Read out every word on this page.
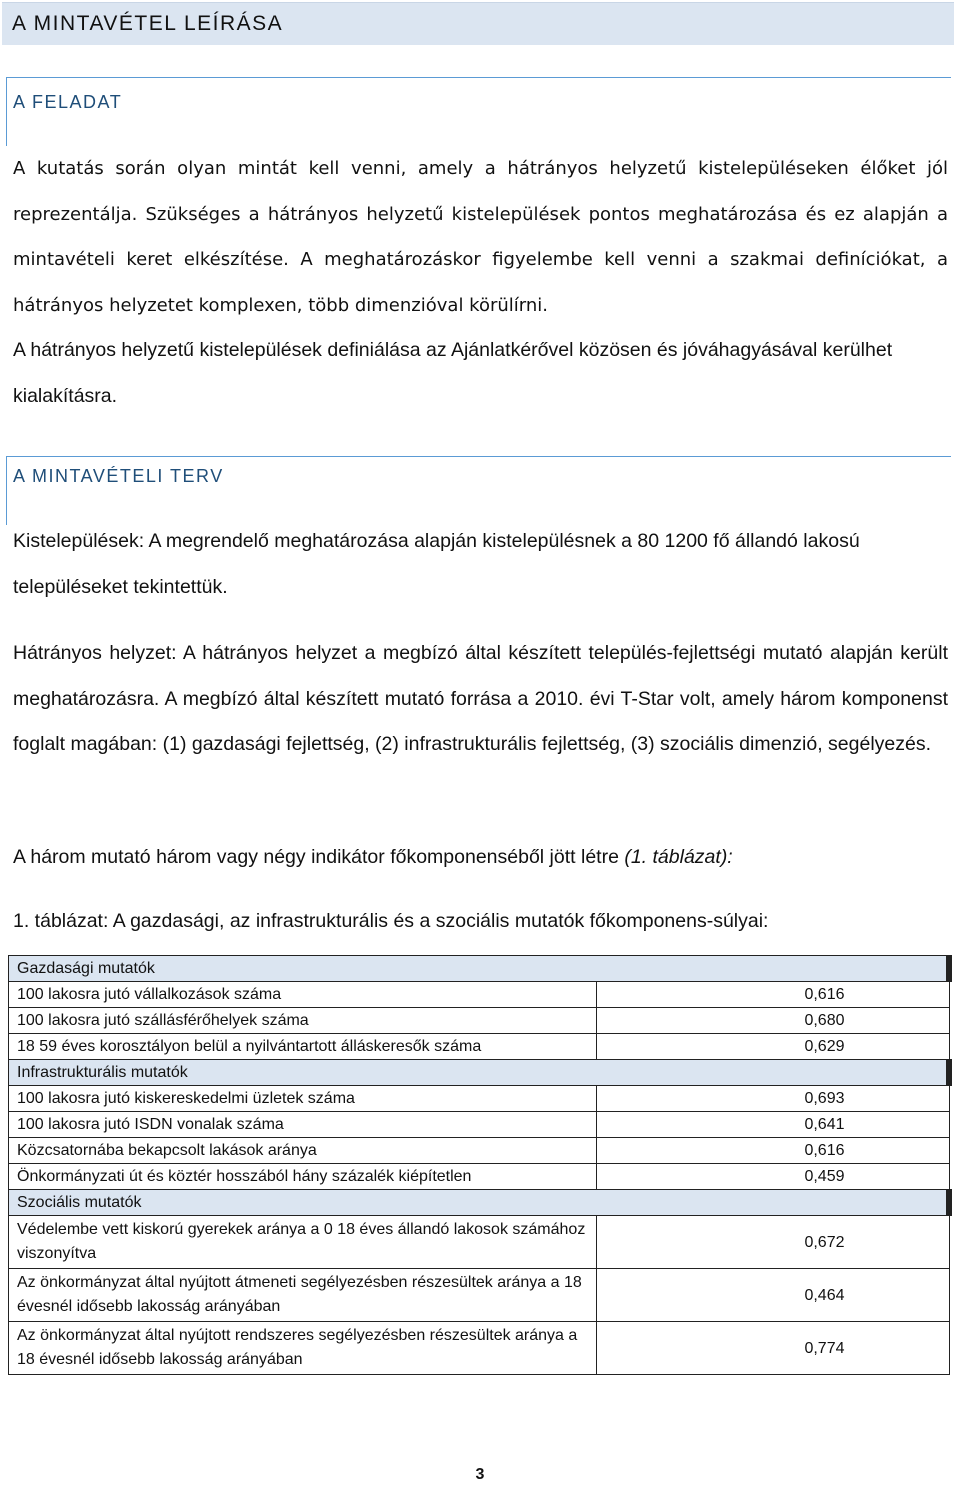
A MINTAVÉTEL LEÍRÁSA
A FELADAT

A kutatás során olyan mintát kell venni, amely a hátrányos helyzetű kistelepüléseken élőket jól reprezentálja. Szükséges a hátrányos helyzetű kistelepülések pontos meghatározása és ez alapján a mintavételi keret elkészítése. A meghatározáskor figyelembe kell venni a szakmai definíciókat, a hátrányos helyzetet komplexen, több dimenzióval körülírni.

A hátrányos helyzetű kistelepülések definiálása az Ajánlatkérővel közösen és jóváhagyásával kerülhet kialakításra.

A MINTAVÉTELI TERV

Kistelepülések: A megrendelő meghatározása alapján kistelepülésnek a 80 1200 fő állandó lakosú településeket tekintettük.

Hátrányos helyzet: A hátrányos helyzet a megbízó által készített település-fejlettségi mutató alapján került meghatározásra. A megbízó által készített mutató forrása a 2010. évi T-Star volt, amely három komponenst foglalt magában: (1) gazdasági fejlettség, (2) infrastrukturális fejlettség, (3) szociális dimenzió, segélyezés.

A három mutató három vagy négy indikátor főkomponenséből jött létre (1. táblázat):

1. táblázat: A gazdasági, az infrastrukturális és a szociális mutatók főkomponens-súlyai:

Gazdasági mutatók	
100 lakosra jutó vállalkozások száma	0,616
100 lakosra jutó szállásférőhelyek száma	0,680
18 59 éves korosztályon belül a nyilvántartott álláskeresők száma	0,629
Infrastrukturális mutatók	
100 lakosra jutó kiskereskedelmi üzletek száma	0,693
100 lakosra jutó ISDN vonalak száma	0,641
Közcsatornába bekapcsolt lakások aránya	0,616
Önkormányzati út és köztér hosszából hány százalék kiépítetlen	0,459
Szociális mutatók	
Védelembe vett kiskorú gyerekek aránya a 0 18 éves állandó lakosok számához viszonyítva	0,672
Az önkormányzat által nyújtott átmeneti segélyezésben részesültek aránya a 18 évesnél idősebb lakosság arányában	0,464
Az önkormányzat által nyújtott rendszeres segélyezésben részesültek aránya a 18 évesnél idősebb lakosság arányában	0,774
3
